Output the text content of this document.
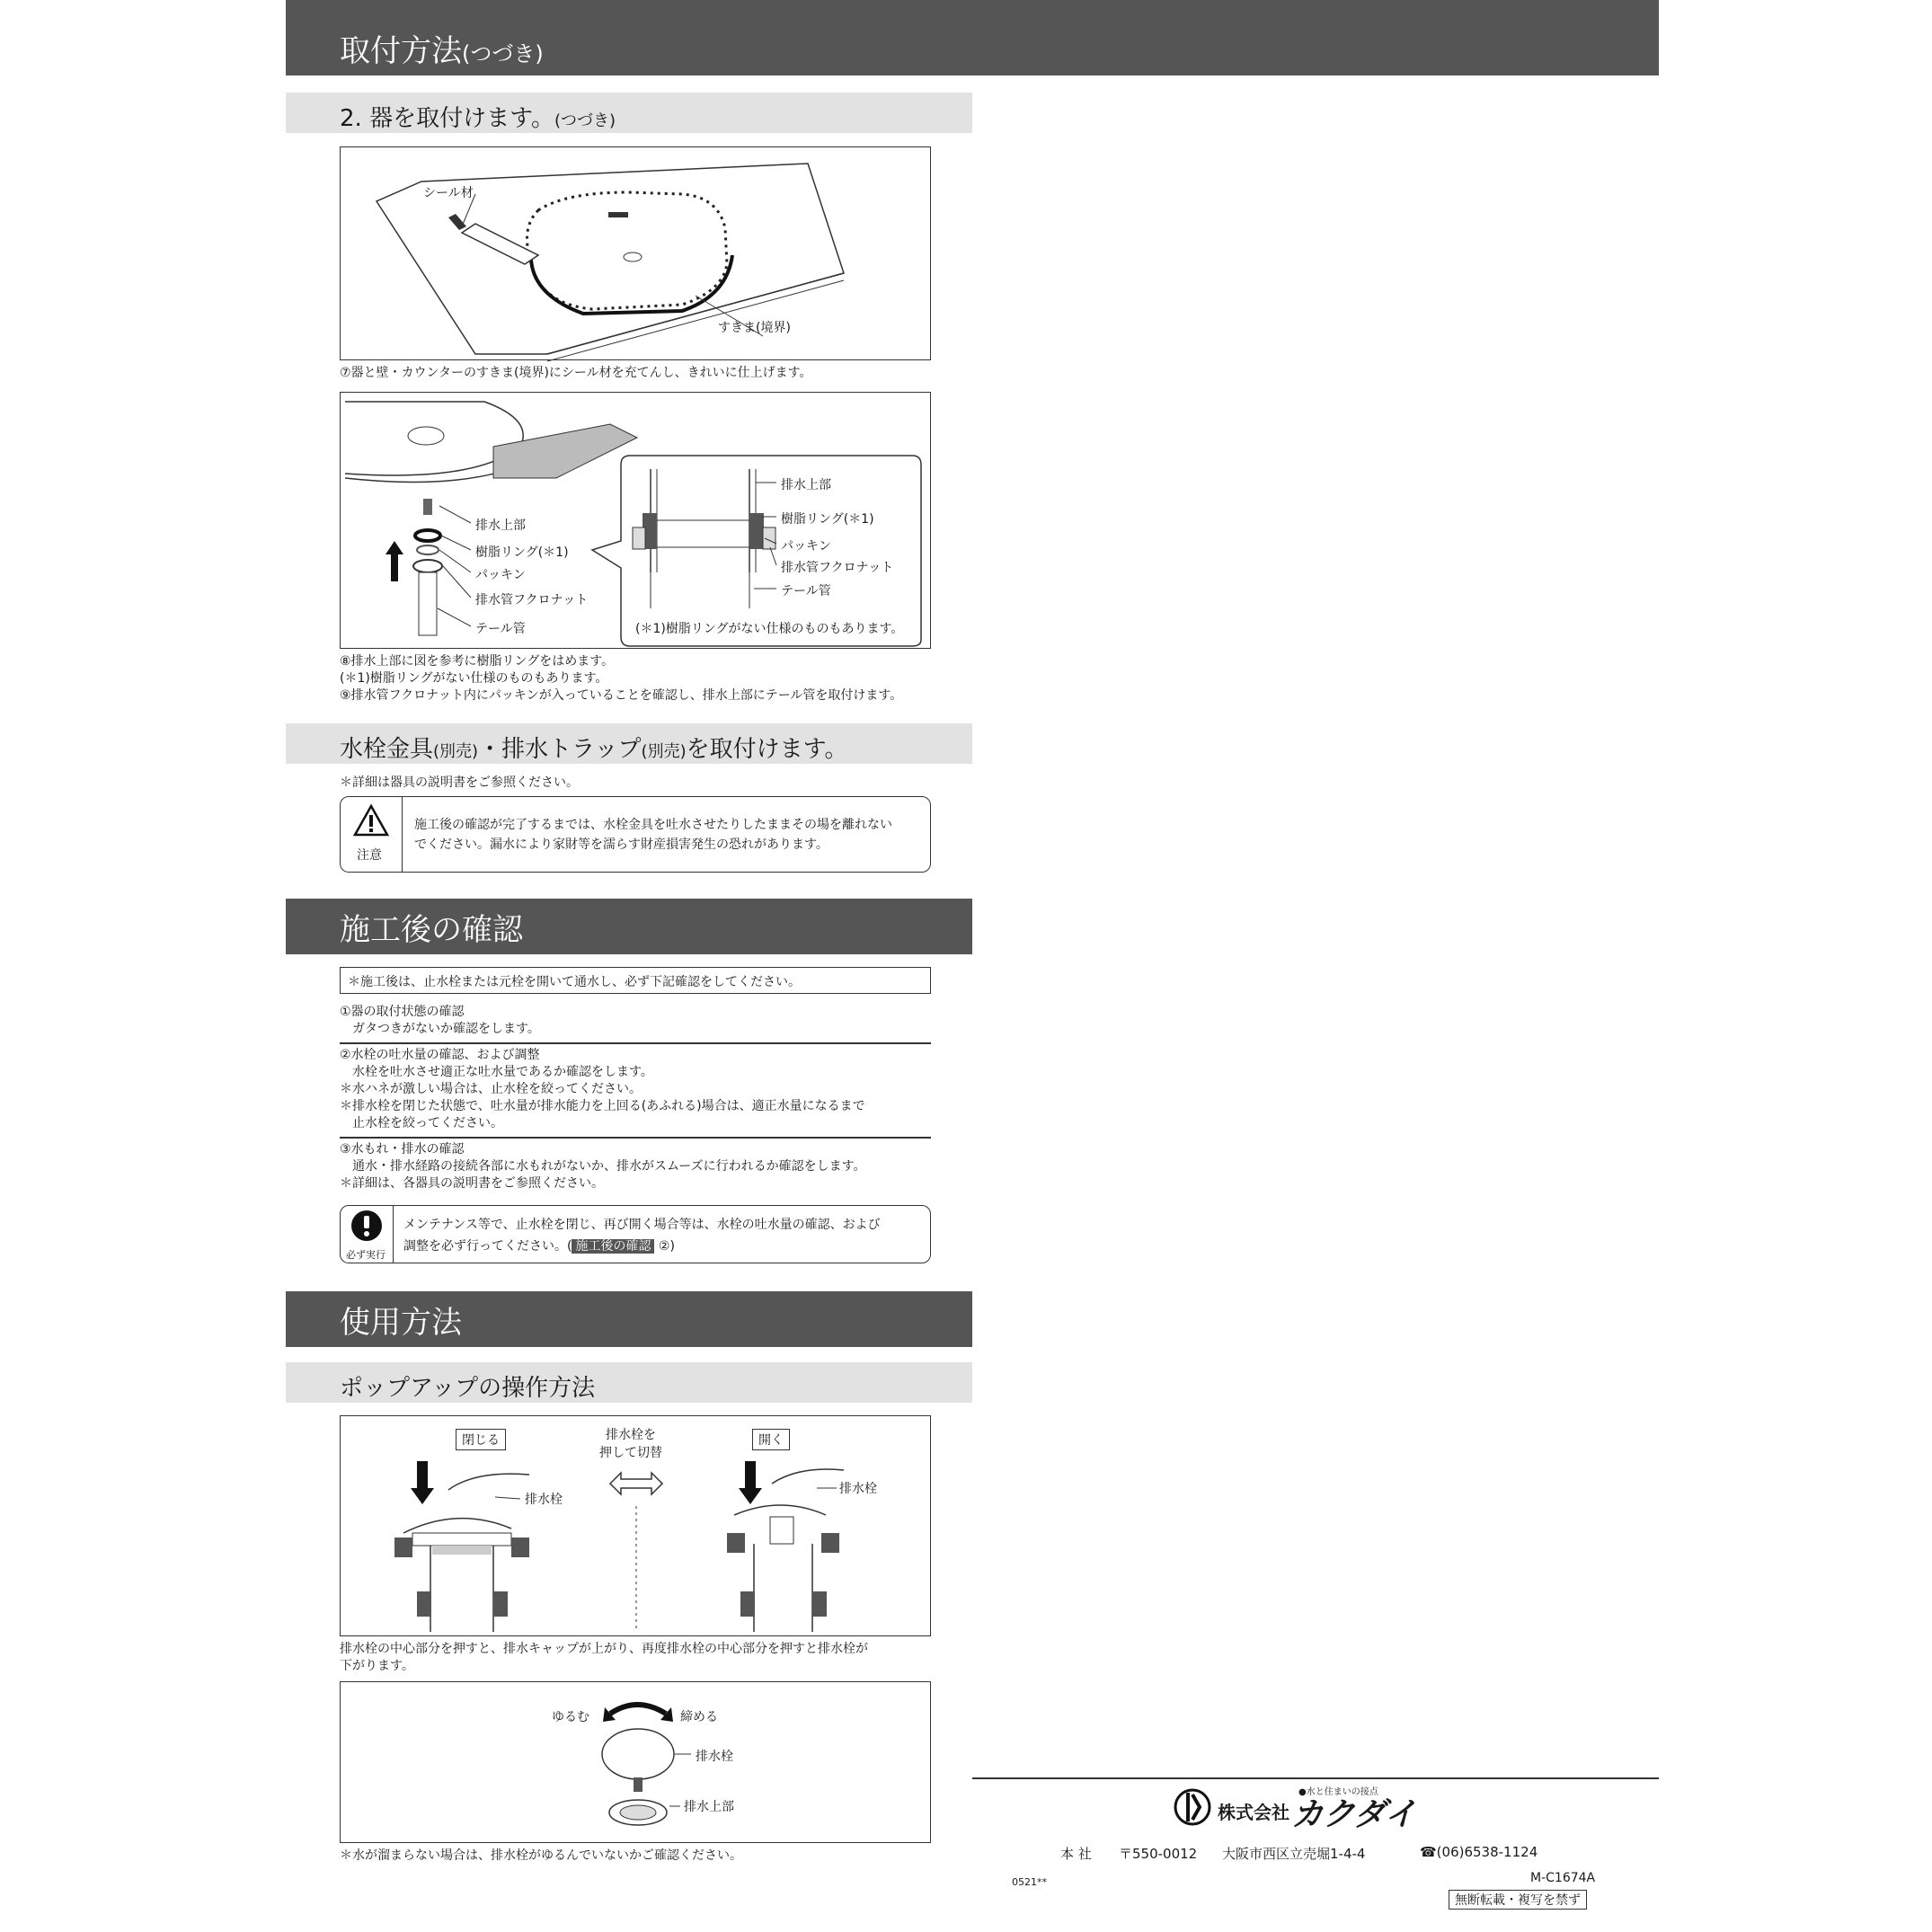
取付方法(つづき)
2. 器を取付けます。(つづき)
シール材
すきま(境界)
⑦器と壁・カウンターのすきま(境界)にシール材を充てんし、きれいに仕上げます。
排水上部
樹脂リング(＊1)
パッキン
排水管フクロナット
テール管
排水上部
樹脂リング(＊1)
パッキン
排水管フクロナット
テール管
(＊1)樹脂リングがない仕様のものもあります。
⑧排水上部に図を参考に樹脂リングをはめます。
(＊1)樹脂リングがない仕様のものもあります。
⑨排水管フクロナット内にパッキンが入っていることを確認し、排水上部にテール管を取付けます。
水栓金具(別売)・排水トラップ(別売)を取付けます。
＊詳細は器具の説明書をご参照ください。
注意
施工後の確認が完了するまでは、水栓金具を吐水させたりしたままその場を離れない
でください。漏水により家財等を濡らす財産損害発生の恐れがあります。
施工後の確認
＊施工後は、止水栓または元栓を開いて通水し、必ず下記確認をしてください。
①器の取付状態の確認
ガタつきがないか確認をします。
②水栓の吐水量の確認、および調整
水栓を吐水させ適正な吐水量であるか確認をします。
＊水ハネが激しい場合は、止水栓を絞ってください。
＊排水栓を閉じた状態で、吐水量が排水能力を上回る(あふれる)場合は、適正水量になるまで
止水栓を絞ってください。
③水もれ・排水の確認
通水・排水経路の接続各部に水もれがないか、排水がスムーズに行われるか確認をします。
＊詳細は、各器具の説明書をご参照ください。
必ず実行
メンテナンス等で、止水栓を閉じ、再び開く場合等は、水栓の吐水量の確認、および
調整を必ず行ってください。( 施工後の確認 ②)
使用方法
ポップアップの操作方法
閉じる	開く
排水栓を
押して切替
排水栓
排水栓
排水栓の中心部分を押すと、排水キャップが上がり、再度排水栓の中心部分を押すと排水栓が
下がります。
ゆるむ	締める
排水栓
排水上部
＊水が溜まらない場合は、排水栓がゆるんでいないかご確認ください。
●水と住まいの接点
株式会社 カクダイ
本 社 〒550-0012 大阪市西区立売堀1-4-4	☎(06)6538-1124
0521**	M-C1674A
無断転載・複写を禁ず
